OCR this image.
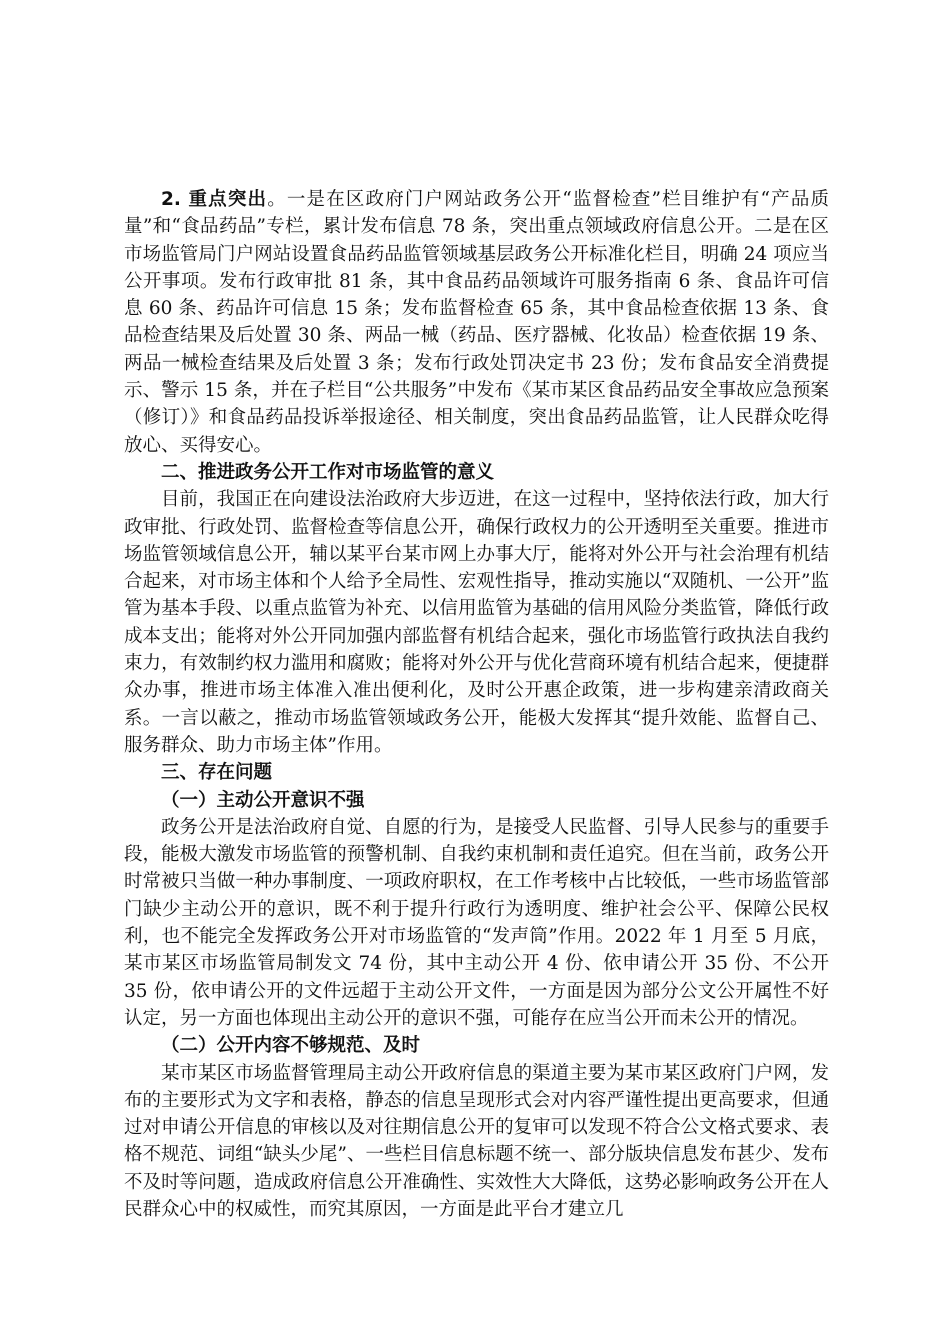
2. 重点突出。一是在区政府门户网站政务公开“监督检查”栏目维护有“产品质量”和“食品药品”专栏，累计发布信息 78 条，突出重点领域政府信息公开。二是在区市场监管局门户网站设置食品药品监管领域基层政务公开标准化栏目，明确 24 项应当公开事项。发布行政审批 81 条，其中食品药品领域许可服务指南 6 条、食品许可信息 60 条、药品许可信息 15 条；发布监督检查 65 条，其中食品检查依据 13 条、食品检查结果及后处置 30 条、两品一械（药品、医疗器械、化妆品）检查依据 19 条、两品一械检查结果及后处置 3 条；发布行政处罚决定书 23 份；发布食品安全消费提示、警示 15 条，并在子栏目“公共服务”中发布《某市某区食品药品安全事故应急预案（修订）》和食品药品投诉举报途径、相关制度，突出食品药品监管，让人民群众吃得放心、买得安心。

二、推进政务公开工作对市场监管的意义

目前，我国正在向建设法治政府大步迈进，在这一过程中，坚持依法行政，加大行政审批、行政处罚、监督检查等信息公开，确保行政权力的公开透明至关重要。推进市场监管领域信息公开，辅以某平台某市网上办事大厅，能将对外公开与社会治理有机结合起来，对市场主体和个人给予全局性、宏观性指导，推动实施以“双随机、一公开”监管为基本手段、以重点监管为补充、以信用监管为基础的信用风险分类监管，降低行政成本支出；能将对外公开同加强内部监督有机结合起来，强化市场监管行政执法自我约束力，有效制约权力滥用和腐败；能将对外公开与优化营商环境有机结合起来，便捷群众办事，推进市场主体准入准出便利化，及时公开惠企政策，进一步构建亲清政商关系。一言以蔽之，推动市场监管领域政务公开，能极大发挥其“提升效能、监督自己、服务群众、助力市场主体”作用。

三、存在问题

（一）主动公开意识不强

政务公开是法治政府自觉、自愿的行为，是接受人民监督、引导人民参与的重要手段，能极大激发市场监管的预警机制、自我约束机制和责任追究。但在当前，政务公开时常被只当做一种办事制度、一项政府职权，在工作考核中占比较低，一些市场监管部门缺少主动公开的意识，既不利于提升行政行为透明度、维护社会公平、保障公民权利，也不能完全发挥政务公开对市场监管的“发声筒”作用。2022 年 1 月至 5 月底，某市某区市场监管局制发文 74 份，其中主动公开 4 份、依申请公开 35 份、不公开 35 份，依申请公开的文件远超于主动公开文件，一方面是因为部分公文公开属性不好认定，另一方面也体现出主动公开的意识不强，可能存在应当公开而未公开的情况。

（二）公开内容不够规范、及时

某市某区市场监督管理局主动公开政府信息的渠道主要为某市某区政府门户网，发布的主要形式为文字和表格，静态的信息呈现形式会对内容严谨性提出更高要求，但通过对申请公开信息的审核以及对往期信息公开的复审可以发现不符合公文格式要求、表格不规范、词组“缺头少尾”、一些栏目信息标题不统一、部分版块信息发布甚少、发布不及时等问题，造成政府信息公开准确性、实效性大大降低，这势必影响政务公开在人民群众心中的权威性，而究其原因，一方面是此平台才建立几
